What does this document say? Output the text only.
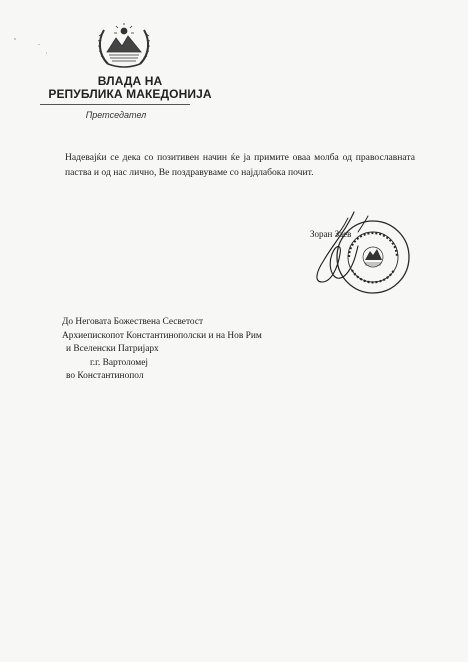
ВЛАДА НА
РЕПУБЛИКА МАКЕДОНИЈА
Претседател

Надевајќи се дека со позитивен начин ќе ја примите оваа молба од православната паства и од нас лично, Ве поздравуваме со најдлабока почит.

Зоран Заев
До Неговата Божествена Сесветост
Архиепископот Константинополски и на Нов Рим
и Вселенски Патријарх
г.г. Вартоломеј
во Константинопол
